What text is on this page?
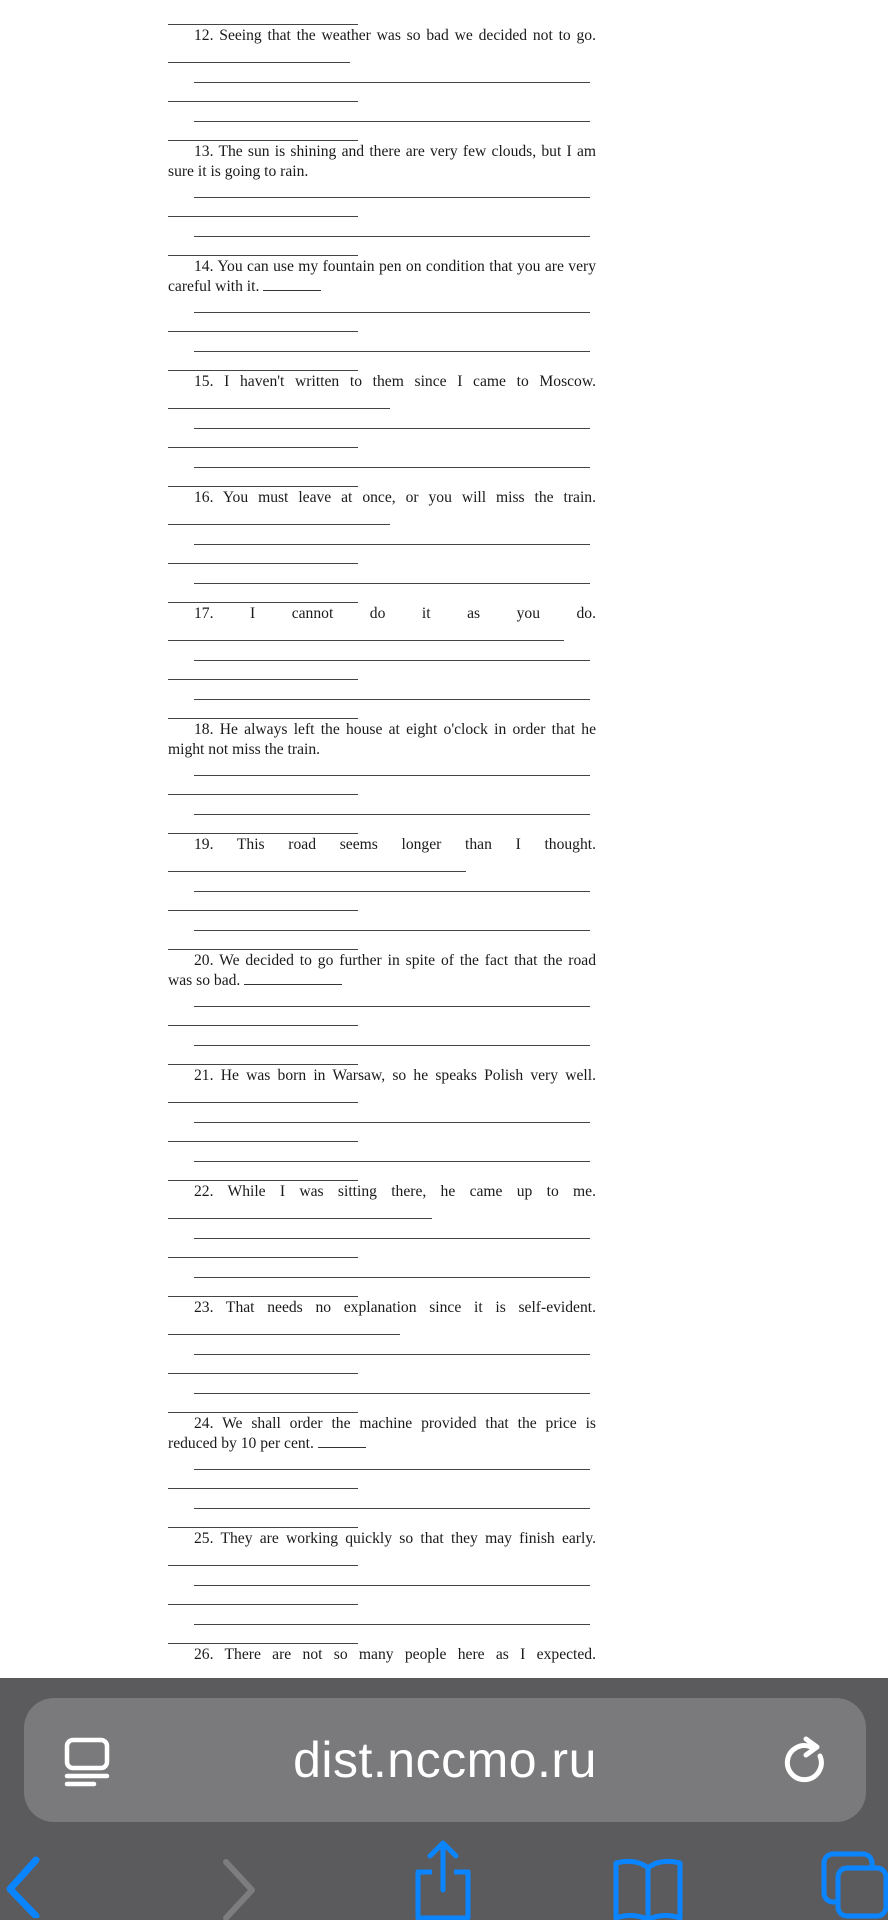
12. Seeing that the weather was so bad we decided not to go.
13. The sun is shining and there are very few clouds, but I am sure it is going to rain.
14. You can use my fountain pen on condition that you are very careful with it.
15. I haven't written to them since I came to Moscow.
16. You must leave at once, or you will miss the train.
17. I cannot do it as you do.
18. He always left the house at eight o'clock in order that he might not miss the train.
19. This road seems longer than I thought.
20. We decided to go further in spite of the fact that the road was so bad.
21. He was born in Warsaw, so he speaks Polish very well.
22. While I was sitting there, he came up to me.
23. That needs no explanation since it is self-evident.
24. We shall order the machine provided that the price is reduced by 10 per cent.
25. They are working quickly so that they may finish early.
26. There are not so many people here as I expected.
dist.nccmo.ru
